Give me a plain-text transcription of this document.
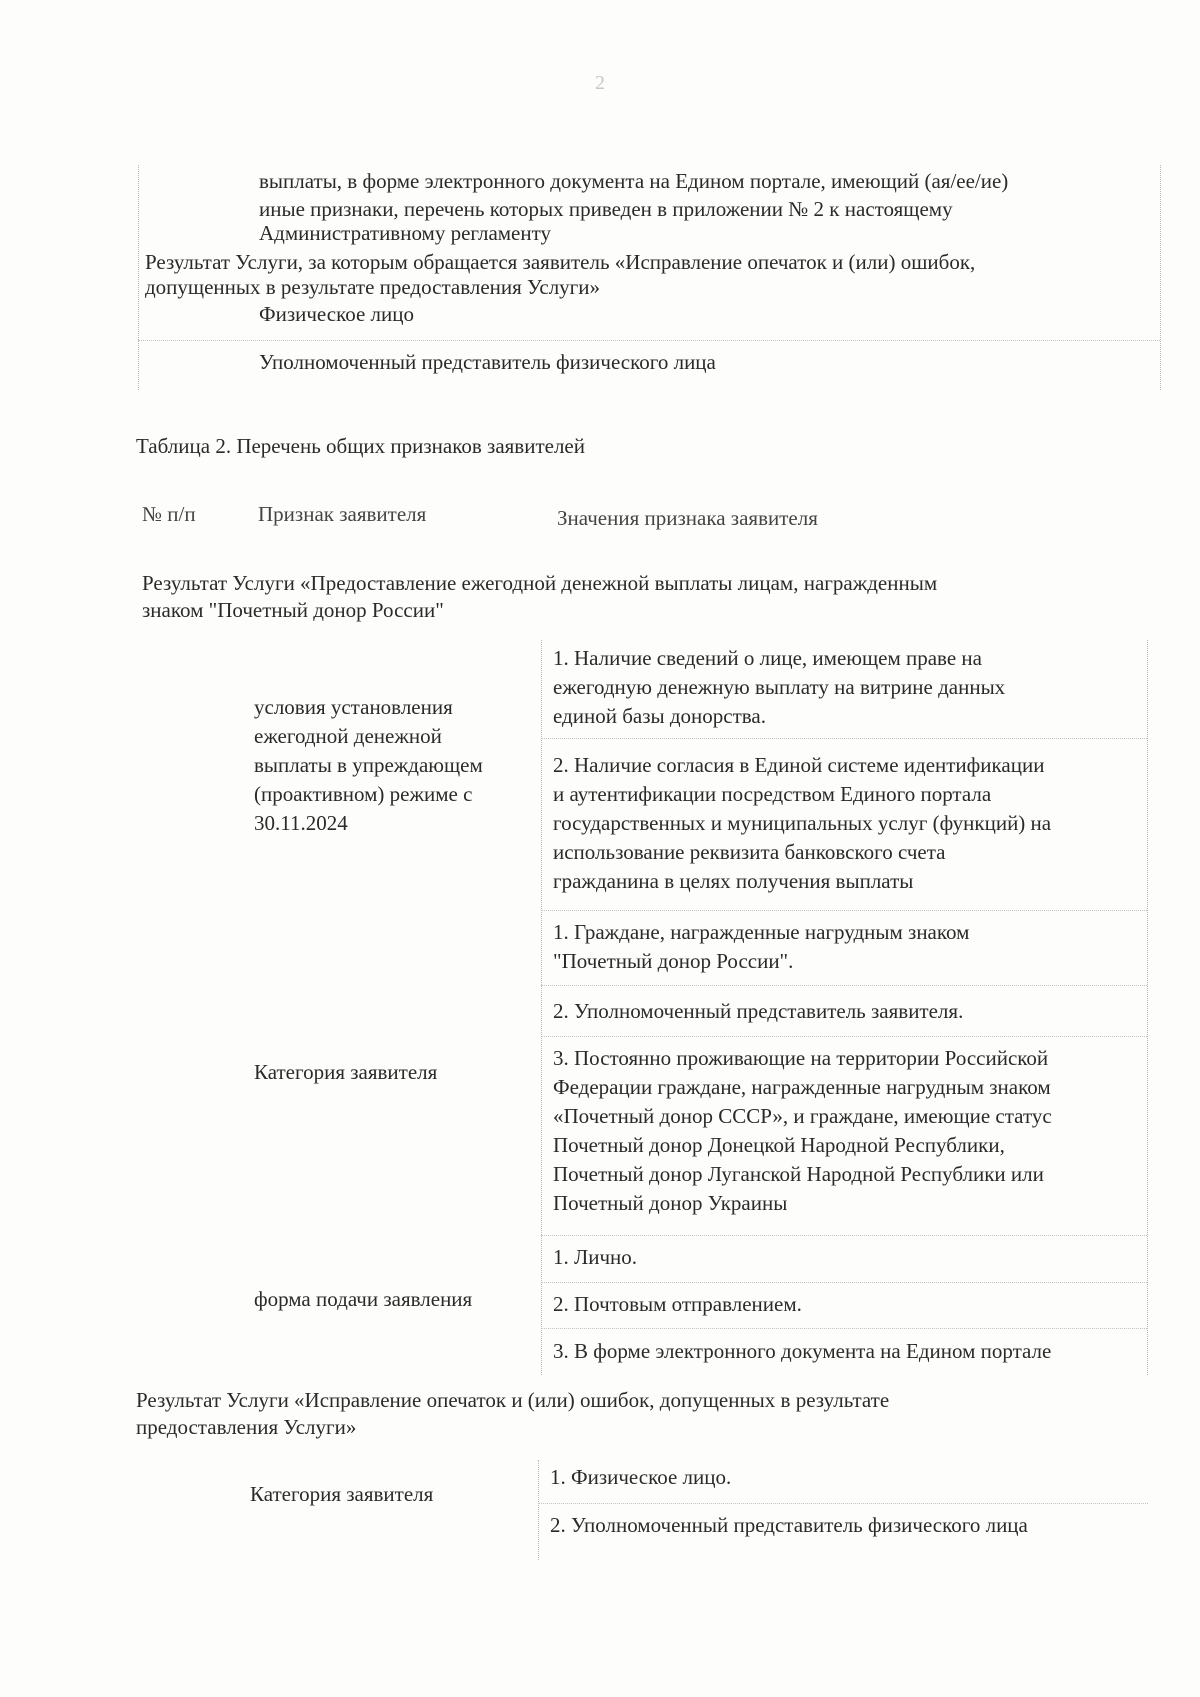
2
выплаты, в форме электронного документа на Едином портале, имеющий (ая/ее/ие)
иные признаки, перечень которых приведен в приложении № 2 к настоящему
Административному регламенту
Результат Услуги, за которым обращается заявитель «Исправление опечаток и (или) ошибок,
допущенных в результате предоставления Услуги»
Физическое лицо
Уполномоченный представитель физического лица
Таблица 2. Перечень общих признаков заявителей
№ п/п	Признак заявителя	Значения признака заявителя
Результат Услуги «Предоставление ежегодной денежной выплаты лицам, награжденным
знаком "Почетный донор России"

условия установления

ежегодной денежной

выплаты в упреждающем

(проактивном) режиме с

30.11.2024

1. Наличие сведений о лице, имеющем праве на

ежегодную денежную выплату на витрине данных

единой базы донорства.

2. Наличие согласия в Единой системе идентификации

и аутентификации посредством Единого портала

государственных и муниципальных услуг (функций) на

использование реквизита банковского счета

гражданина в целях получения выплаты

Категория заявителя

1. Граждане, награжденные нагрудным знаком

"Почетный донор России".

2. Уполномоченный представитель заявителя.

3. Постоянно проживающие на территории Российской

Федерации граждане, награжденные нагрудным знаком

«Почетный донор СССР», и граждане, имеющие статус

Почетный донор Донецкой Народной Республики,

Почетный донор Луганской Народной Республики или

Почетный донор Украины

форма подачи заявления

1. Лично.

2. Почтовым отправлением.

3. В форме электронного документа на Едином портале

Результат Услуги «Исправление опечаток и (или) ошибок, допущенных в результате
предоставления Услуги»

Категория заявителя

1. Физическое лицо.

2. Уполномоченный представитель физического лица
